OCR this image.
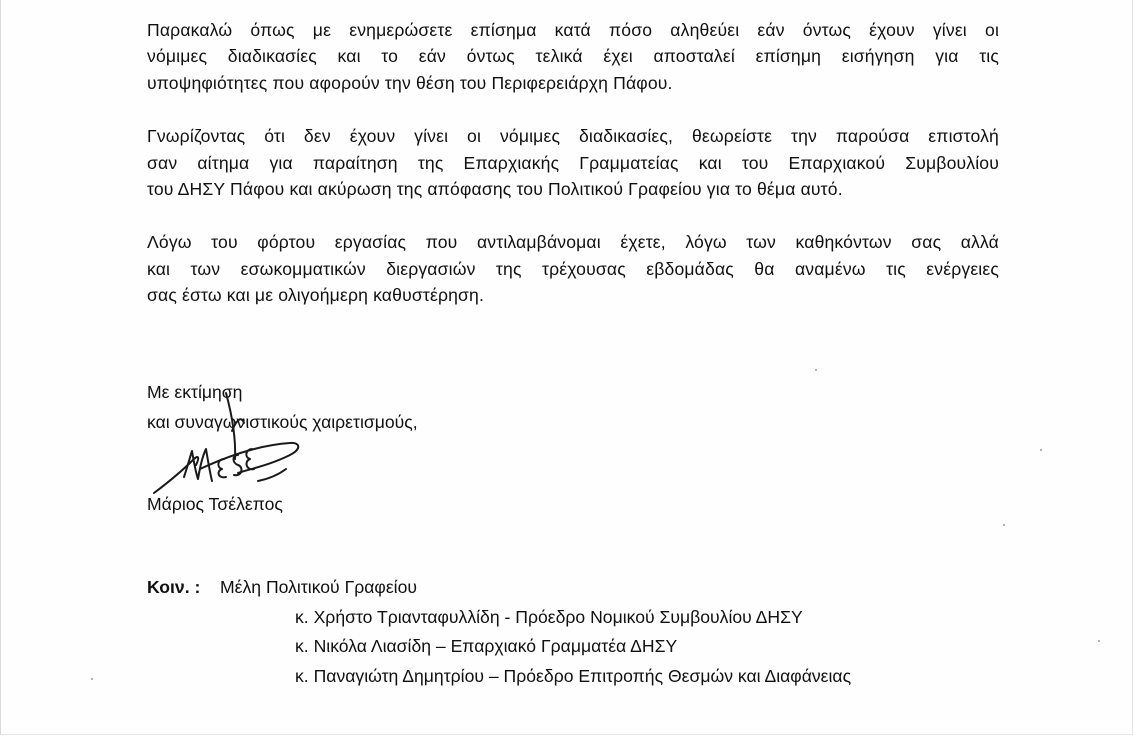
Παρακαλώ όπως με ενημερώσετε επίσημα κατά πόσο αληθεύει εάν όντως έχουν γίνει οι
νόμιμες διαδικασίες και το εάν όντως τελικά έχει αποσταλεί επίσημη εισήγηση για τις
υποψηφιότητες που αφορούν την θέση του Περιφερειάρχη Πάφου.

Γνωρίζοντας ότι δεν έχουν γίνει οι νόμιμες διαδικασίες, θεωρείστε την παρούσα επιστολή
σαν αίτημα για παραίτηση της Επαρχιακής Γραμματείας και του Επαρχιακού Συμβουλίου
του ΔΗΣΥ Πάφου και ακύρωση της απόφασης του Πολιτικού Γραφείου για το θέμα αυτό.

Λόγω του φόρτου εργασίας που αντιλαμβάνομαι έχετε, λόγω των καθηκόντων σας αλλά
και των εσωκομματικών διεργασιών της τρέχουσας εβδομάδας θα αναμένω τις ενέργειες
σας έστω και με ολιγοήμερη καθυστέρηση.

Με εκτίμηση
και συναγωνιστικούς χαιρετισμούς,
Μάριος Τσέλεπος
Κοιν. : Μέλη Πολιτικού Γραφείου
κ. Χρήστο Τριανταφυλλίδη - Πρόεδρο Νομικού Συμβουλίου ΔΗΣΥ
κ. Νικόλα Λιασίδη – Επαρχιακό Γραμματέα ΔΗΣΥ
κ. Παναγιώτη Δημητρίου – Πρόεδρο Επιτροπής Θεσμών και Διαφάνειας
